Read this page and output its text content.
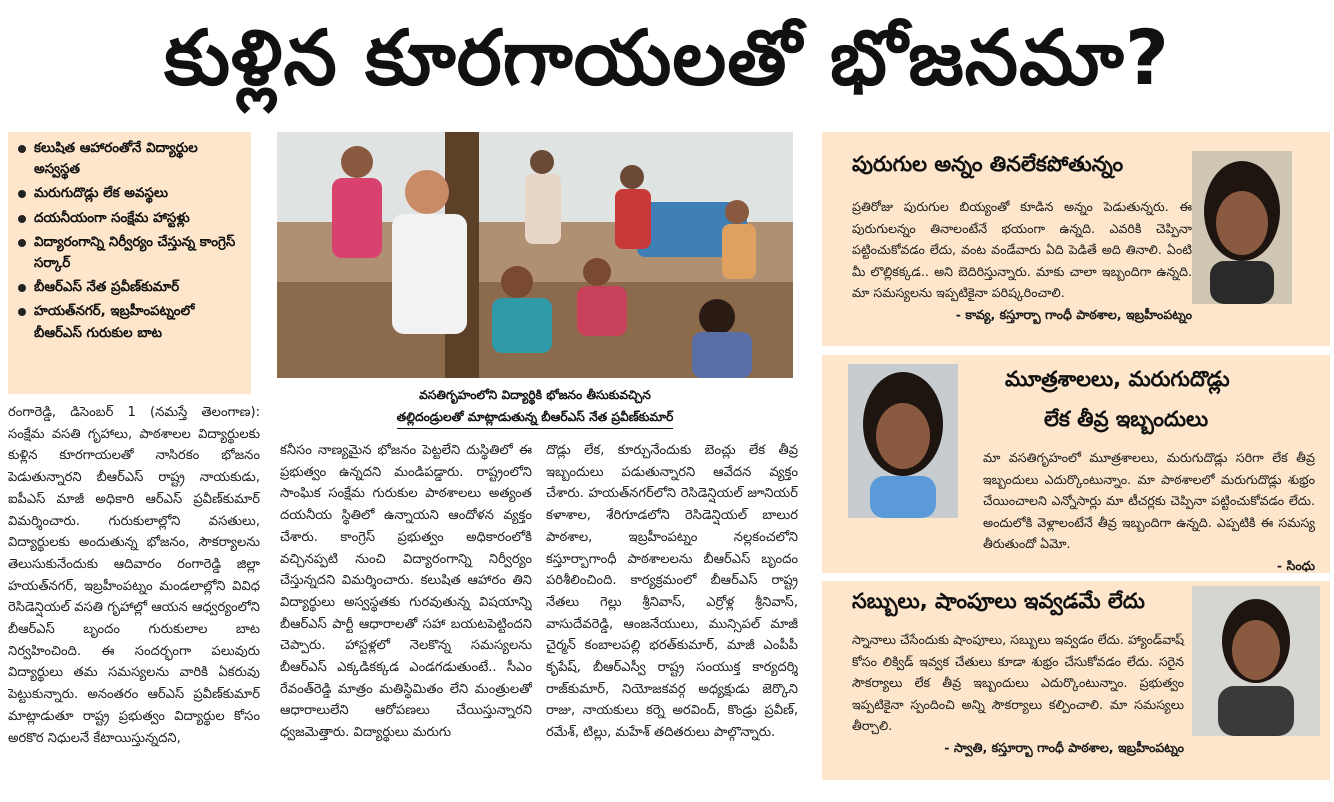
కుళ్లిన కూరగాయలతో భోజనమా?
కలుషిత ఆహారంతోనే విద్యార్థుల అస్వస్థత
మరుగుదొడ్లు లేక అవస్థలు
దయనీయంగా సంక్షేమ హాస్టళ్లు
విద్యారంగాన్ని నిర్వీర్యం చేస్తున్న కాంగ్రెస్ సర్కార్
బీఆర్ఎస్ నేత ప్రవీణ్‌కుమార్
హయత్‌నగర్, ఇబ్రహీంపట్నంలో బీఆర్ఎస్ గురుకుల బాట
వసతిగృహంలోని విద్యార్థికి భోజనం తీసుకువచ్చిన
తల్లిదండ్రులతో మాట్లాడుతున్న బీఆర్ఎస్ నేత ప్రవీణ్‌కుమార్
రంగారెడ్డి, డిసెంబర్ 1 (నమస్తే తెలంగాణ): సంక్షేమ వసతి గృహాలు, పాఠశాలల విద్యార్థులకు కుళ్లిన కూరగాయలతో నాసిరకం భోజనం పెడుతున్నారని బీఆర్ఎస్ రాష్ట్ర నాయకుడు, ఐపీఎస్ మాజీ అధికారి ఆర్ఎస్ ప్రవీణ్‌కుమార్ విమర్శించారు. గురుకులాల్లోని వసతులు, విద్యార్థులకు అందుతున్న భోజనం, సౌకర్యాలను తెలుసుకునేందుకు ఆదివారం రంగారెడ్డి జిల్లా హయత్‌నగర్, ఇబ్రహీంపట్నం మండలాల్లోని వివిధ రెసిడెన్షియల్ వసతి గృహాల్లో ఆయన ఆధ్వర్యంలోని బీఆర్ఎస్ బృందం గురుకులాల బాట నిర్వహించింది. ఈ సందర్భంగా పలువురు విద్యార్థులు తమ సమస్యలను వారికి ఏకరువు పెట్టుకున్నారు. అనంతరం ఆర్ఎస్ ప్రవీణ్‌కుమార్ మాట్లాడుతూ రాష్ట్ర ప్రభుత్వం విద్యార్థుల కోసం అరకొర నిధులనే కేటాయిస్తున్నదని,
కనీసం నాణ్యమైన భోజనం పెట్టలేని దుస్థితిలో ఈ ప్రభుత్వం ఉన్నదని మండిపడ్డారు. రాష్ట్రంలోని సాంఘిక సంక్షేమ గురుకుల పాఠశాలలు అత్యంత దయనీయ స్థితిలో ఉన్నాయని ఆందోళన వ్యక్తం చేశారు. కాంగ్రెస్ ప్రభుత్వం అధికారంలోకి వచ్చినప్పటి నుంచి విద్యారంగాన్ని నిర్వీర్యం చేస్తున్నదని విమర్శించారు. కలుషిత ఆహారం తిని విద్యార్థులు అస్వస్థతకు గురవుతున్న విషయాన్ని బీఆర్ఎస్ పార్టీ ఆధారాలతో సహా బయటపెట్టిందని చెప్పారు. హాస్టళ్లలో నెలకొన్న సమస్యలను బీఆర్ఎస్ ఎక్కడికక్కడ ఎండగడుతుంటే.. సీఎం రేవంత్‌రెడ్డి మాత్రం మతిస్థిమితం లేని మంత్రులతో ఆధారాలులేని ఆరోపణలు చేయిస్తున్నారని ధ్వజమెత్తారు. విద్యార్థులు మరుగు
దొడ్లు లేక, కూర్చునేందుకు బెంచ్లు లేక తీవ్ర ఇబ్బందులు పడుతున్నారని ఆవేదన వ్యక్తం చేశారు. హయత్‌నగర్‌లోని రెసిడెన్షియల్ జూనియర్ కళాశాల, శేరిగూడలోని రెసిడెన్షియల్ బాలుర పాఠశాల, ఇబ్రహీంపట్నం నల్లకంచలోని కస్తూర్బాగాంధీ పాఠశాలలను బీఆర్ఎస్ బృందం పరిశీలించింది. కార్యక్రమంలో బీఆర్ఎస్ రాష్ట్ర నేతలు గెల్లు శ్రీనివాస్, ఎర్రోళ్ల శ్రీనివాస్, వాసుదేవరెడ్డి, ఆంజనేయులు, మున్సిపల్ మాజీ చైర్మన్ కంబాలపల్లి భరత్‌కుమార్, మాజీ ఎంపీపీ కృపేష్, బీఆర్ఎస్వీ రాష్ట్ర సంయుక్త కార్యదర్శి రాజ్‌కుమార్, నియోజకవర్గ అధ్యక్షుడు జెర్కొని రాజు, నాయకులు కర్నె అరవింద్, కొండ్రు ప్రవీణ్, రమేశ్, టిల్లు, మహేశ్ తదితరులు పాల్గొన్నారు.
పురుగుల అన్నం తినలేకపోతున్నం
ప్రతిరోజు పురుగుల బియ్యంతో కూడిన అన్నం పెడుతున్నరు. ఈ పురుగులన్నం తినాలంటేనే భయంగా ఉన్నది. ఎవరికి చెప్పినా పట్టించుకోవడం లేదు, వంట వండేవారు ఏది పెడితే అది తినాలి. ఏంటి మీ లొల్లికక్కడ.. అని బెదిరిస్తున్నారు. మాకు చాలా ఇబ్బందిగా ఉన్నది. మా సమస్యలను ఇప్పటికైనా పరిష్కరించాలి.
- కావ్య, కస్తూర్బా గాంధీ పాఠశాల, ఇబ్రహీంపట్నం
మూత్రశాలలు, మరుగుదొడ్లు
లేక తీవ్ర ఇబ్బందులు
మా వసతిగృహంలో మూత్రశాలలు, మరుగుదొడ్లు సరిగా లేక తీవ్ర ఇబ్బందులు ఎదుర్కొంటున్నాం. మా పాఠశాలలో మరుగుదొడ్లు శుభ్రం చేయించాలని ఎన్నోసార్లు మా టీచర్లకు చెప్పినా పట్టించుకోవడం లేదు. అందులోకి వెళ్లాలంటేనే తీవ్ర ఇబ్బందిగా ఉన్నది. ఎప్పటికి ఈ సమస్య తీరుతుందో ఏమో.
- సింధు
సబ్బులు, షాంపూలు ఇవ్వడమే లేదు
స్నానాలు చేసేందుకు షాంపూలు, సబ్బులు ఇవ్వడం లేదు. హ్యాండ్‌వాష్ కోసం లిక్విడ్ ఇవ్వక చేతులు కూడా శుభ్రం చేసుకోవడం లేదు. సరైన సౌకర్యాలు లేక తీవ్ర ఇబ్బందులు ఎదుర్కొంటున్నాం. ప్రభుత్వం ఇప్పటికైనా స్పందించి అన్ని సౌకర్యాలు కల్పించాలి. మా సమస్యలు తీర్చాలి.
- స్వాతి, కస్తూర్బా గాంధీ పాఠశాల, ఇబ్రహీంపట్నం
